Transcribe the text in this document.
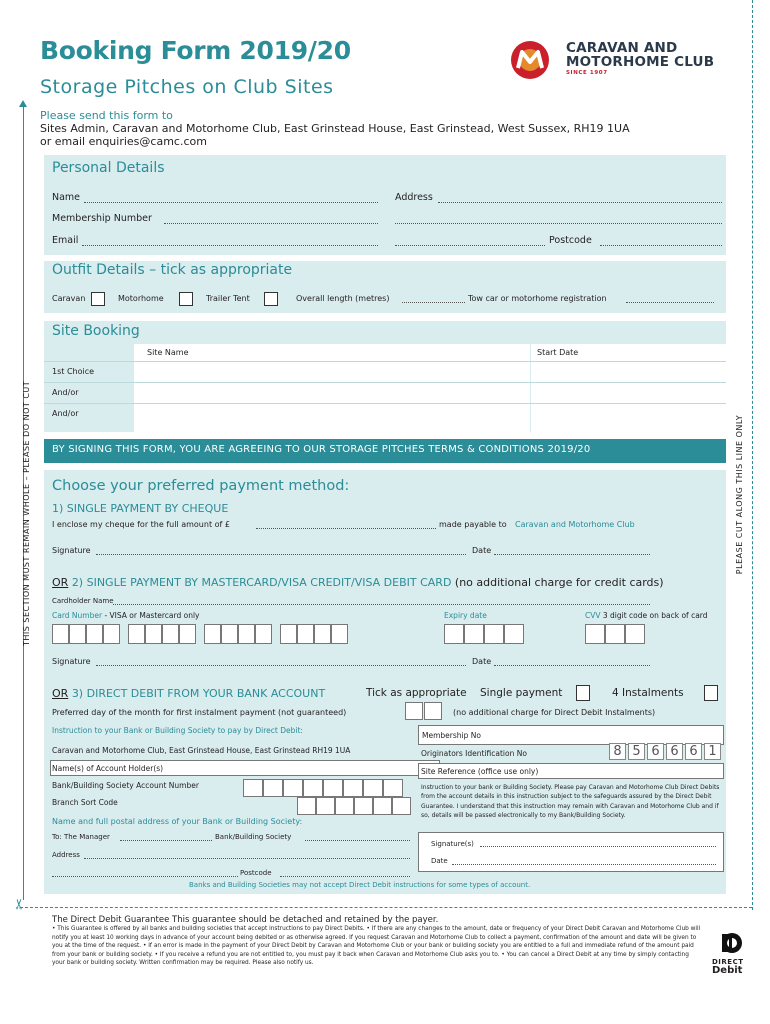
THIS SECTION MUST REMAIN WHOLE – PLEASE DO NOT CUT	PLEASE CUT ALONG THIS LINE ONLY
✂
Booking Form 2019/20
Storage Pitches on Club Sites
Please send this form to
Sites Admin, Caravan and Motorhome Club, East Grinstead House, East Grinstead, West Sussex, RH19 1UA
or email enquiries@camc.com
CARAVAN AND
MOTORHOME CLUB
SINCE 1907
Personal Details
Name	Address
Membership Number
Email	Postcode
Outfit Details – tick as appropriate
Caravan	Motorhome	Trailer Tent	Overall length (metres)	Tow car or motorhome registration
Site Booking
Site Name	Start Date
1st Choice
And/or
And/or
BY SIGNING THIS FORM, YOU ARE AGREEING TO OUR STORAGE PITCHES TERMS & CONDITIONS 2019/20
Choose your preferred payment method:
1) SINGLE PAYMENT BY CHEQUE
I enclose my cheque for the full amount of £	made payable to Caravan and Motorhome Club
Signature	Date
OR 2) SINGLE PAYMENT BY MASTERCARD/VISA CREDIT/VISA DEBIT CARD (no additional charge for credit cards)
Cardholder Name
Card Number - VISA or Mastercard only	Expiry date	CVV 3 digit code on back of card
Signature	Date
OR 3) DIRECT DEBIT FROM YOUR BANK ACCOUNT	Tick as appropriate Single payment	4 Instalments
Preferred day of the month for first instalment payment (not guaranteed)	(no additional charge for Direct Debit Instalments)
Instruction to your Bank or Building Society to pay by Direct Debit:
Membership No
Caravan and Motorhome Club, East Grinstead House, East Grinstead RH19 1UA	Originators Identification No	8 5 6 6 6 1
Name(s) of Account Holder(s)	Site Reference (office use only)
Bank/Building Society Account Number
Branch Sort Code
Instruction to your bank or Building Society. Please pay Caravan and Motorhome Club Direct Debits from the account details in this instruction subject to the safeguards assured by the Direct Debit Guarantee. I understand that this instruction may remain with Caravan and Motorhome Club and if so, details will be passed electronically to my Bank/Building Society.
Name and full postal address of your Bank or Building Society:
To: The Manager	Bank/Building Society
Signature(s)
Address
Date
Postcode
Banks and Building Societies may not accept Direct Debit instructions for some types of account.
The Direct Debit Guarantee This guarantee should be detached and retained by the payer.
• This Guarantee is offered by all banks and building societies that accept instructions to pay Direct Debits. • If there are any changes to the amount, date or frequency of your Direct Debit Caravan and Motorhome Club will notify you at least 10 working days in advance of your account being debited or as otherwise agreed. If you request Caravan and Motorhome Club to collect a payment, confirmation of the amount and date will be given to you at the time of the request. • If an error is made in the payment of your Direct Debit by Caravan and Motorhome Club or your bank or building society you are entitled to a full and immediate refund of the amount paid from your bank or building society. • If you receive a refund you are not entitled to, you must pay it back when Caravan and Motorhome Club asks you to. • You can cancel a Direct Debit at any time by simply contacting your bank or building society. Written confirmation may be required. Please also notify us.	DIRECT
Debit
